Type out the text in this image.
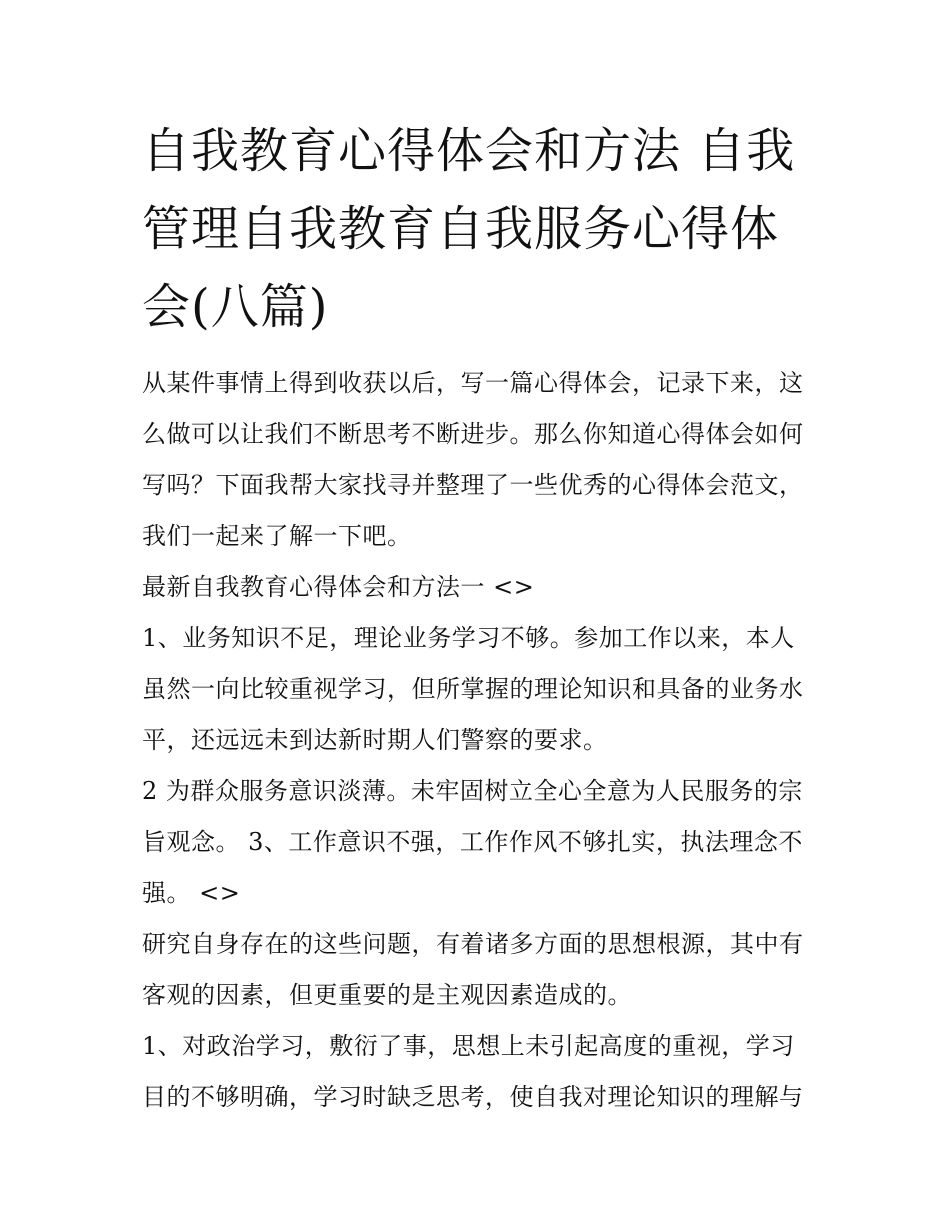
自我教育心得体会和方法 自我管理自我教育自我服务心得体会(八篇)

从某件事情上得到收获以后，写一篇心得体会，记录下来，这么做可以让我们不断思考不断进步。那么你知道心得体会如何写吗？下面我帮大家找寻并整理了一些优秀的心得体会范文，我们一起来了解一下吧。

最新自我教育心得体会和方法一 <>

1、业务知识不足，理论业务学习不够。参加工作以来，本人虽然一向比较重视学习，但所掌握的理论知识和具备的业务水平，还远远未到达新时期人们警察的要求。

2 为群众服务意识淡薄。未牢固树立全心全意为人民服务的宗旨观念。 3、工作意识不强，工作作风不够扎实，执法理念不强。 <>

研究自身存在的这些问题，有着诸多方面的思想根源，其中有客观的因素，但更重要的是主观因素造成的。

1、对政治学习，敷衍了事，思想上未引起高度的重视，学习目的不够明确，学习时缺乏思考，使自我对理论知识的理解与
